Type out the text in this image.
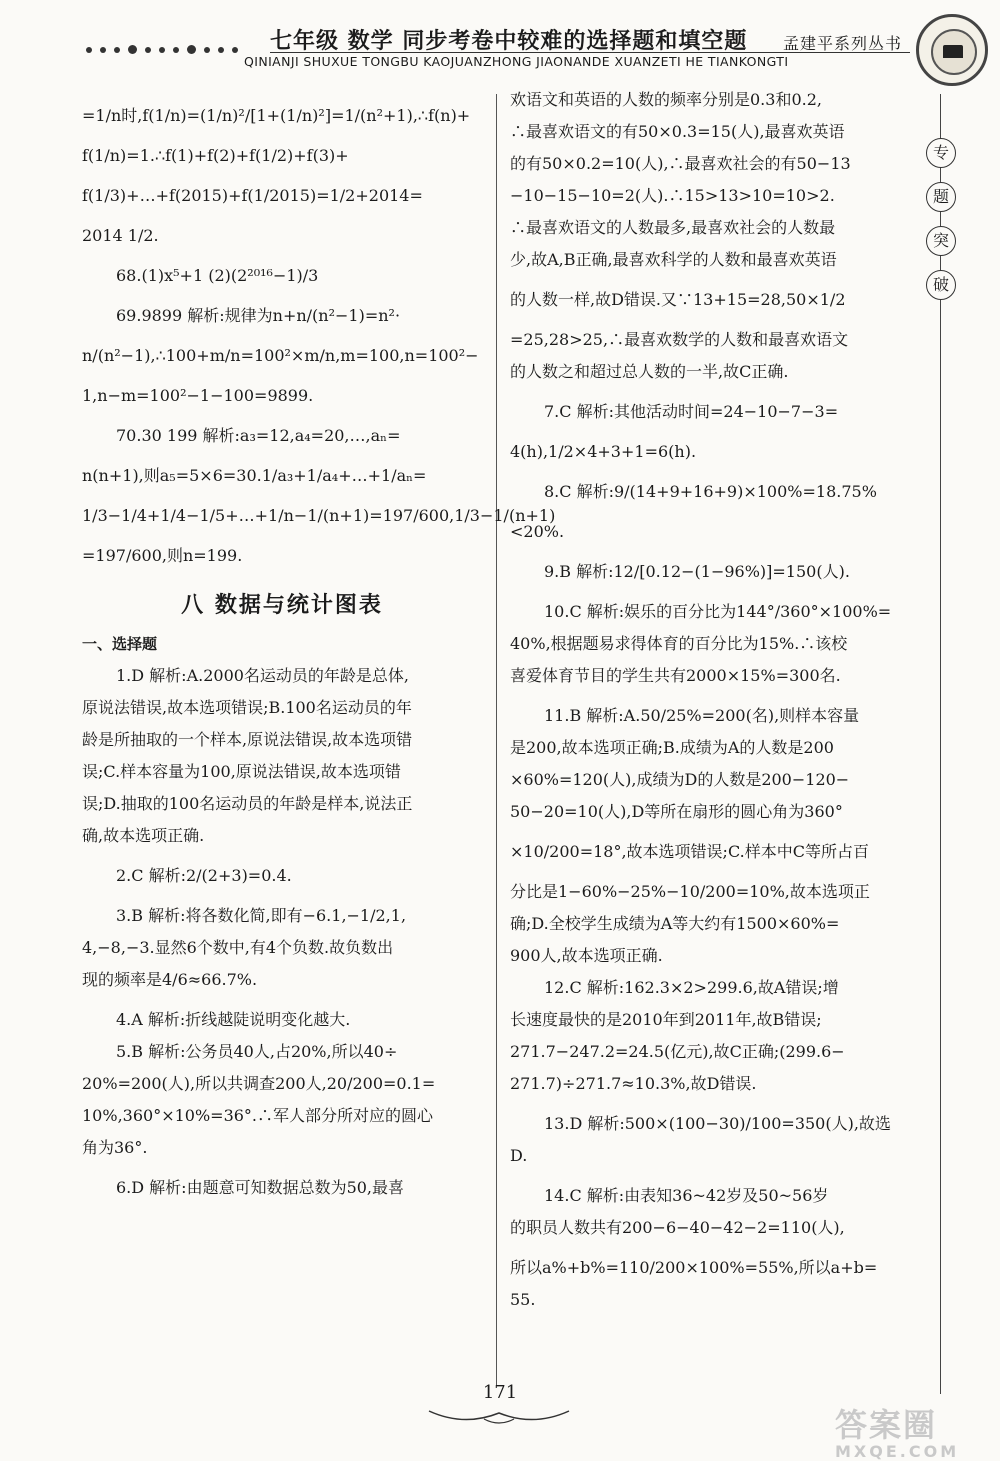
七年级 数学 同步考卷中较难的选择题和填空题 孟建平系列丛书
QINIANJI SHUXUE TONGBU KAOJUANZHONG JIAONANDE XUANZETI HE TIANKONGTI
专
题
突
破
=1/n时,f(1/n)=(1/n)²/[1+(1/n)²]=1/(n²+1),∴f(n)+
f(1/n)=1.∴f(1)+f(2)+f(1/2)+f(3)+
f(1/3)+…+f(2015)+f(1/2015)=1/2+2014=
2014 1/2.
68.(1)x⁵+1 (2)(2²⁰¹⁶−1)/3
69.9899 解析:规律为n+n/(n²−1)=n²·
n/(n²−1),∴100+m/n=100²×m/n,m=100,n=100²−
1,n−m=100²−1−100=9899.
70.30 199 解析:a₃=12,a₄=20,…,aₙ=
n(n+1),则a₅=5×6=30.1/a₃+1/a₄+…+1/aₙ=
1/3−1/4+1/4−1/5+…+1/n−1/(n+1)=197/600,1/3−1/(n+1)
=197/600,则n=199.
八 数据与统计图表
一、选择题
1.D 解析:A.2000名运动员的年龄是总体,
原说法错误,故本选项错误;B.100名运动员的年
龄是所抽取的一个样本,原说法错误,故本选项错
误;C.样本容量为100,原说法错误,故本选项错
误;D.抽取的100名运动员的年龄是样本,说法正
确,故本选项正确.
2.C 解析:2/(2+3)=0.4.
3.B 解析:将各数化简,即有−6.1,−1/2,1,
4,−8,−3.显然6个数中,有4个负数.故负数出
现的频率是4/6≈66.7%.
4.A 解析:折线越陡说明变化越大.
5.B 解析:公务员40人,占20%,所以40÷
20%=200(人),所以共调查200人,20/200=0.1=
10%,360°×10%=36°.∴军人部分所对应的圆心
角为36°.
6.D 解析:由题意可知数据总数为50,最喜
欢语文和英语的人数的频率分别是0.3和0.2,
∴最喜欢语文的有50×0.3=15(人),最喜欢英语
的有50×0.2=10(人),∴最喜欢社会的有50−13
−10−15−10=2(人).∴15>13>10=10>2.
∴最喜欢语文的人数最多,最喜欢社会的人数最
少,故A,B正确,最喜欢科学的人数和最喜欢英语
的人数一样,故D错误.又∵13+15=28,50×1/2
=25,28>25,∴最喜欢数学的人数和最喜欢语文
的人数之和超过总人数的一半,故C正确.
7.C 解析:其他活动时间=24−10−7−3=
4(h),1/2×4+3+1=6(h).
8.C 解析:9/(14+9+16+9)×100%=18.75%
<20%.
9.B 解析:12/[0.12−(1−96%)]=150(人).
10.C 解析:娱乐的百分比为144°/360°×100%=
40%,根据题易求得体育的百分比为15%.∴该校
喜爱体育节目的学生共有2000×15%=300名.
11.B 解析:A.50/25%=200(名),则样本容量
是200,故本选项正确;B.成绩为A的人数是200
×60%=120(人),成绩为D的人数是200−120−
50−20=10(人),D等所在扇形的圆心角为360°
×10/200=18°,故本选项错误;C.样本中C等所占百
分比是1−60%−25%−10/200=10%,故本选项正
确;D.全校学生成绩为A等大约有1500×60%=
900人,故本选项正确.
12.C 解析:162.3×2>299.6,故A错误;增
长速度最快的是2010年到2011年,故B错误;
271.7−247.2=24.5(亿元),故C正确;(299.6−
271.7)÷271.7≈10.3%,故D错误.
13.D 解析:500×(100−30)/100=350(人),故选
D.
14.C 解析:由表知36~42岁及50~56岁
的职员人数共有200−6−40−42−2=110(人),
所以a%+b%=110/200×100%=55%,所以a+b=
55.
171
答案圈
MXQE.COM
